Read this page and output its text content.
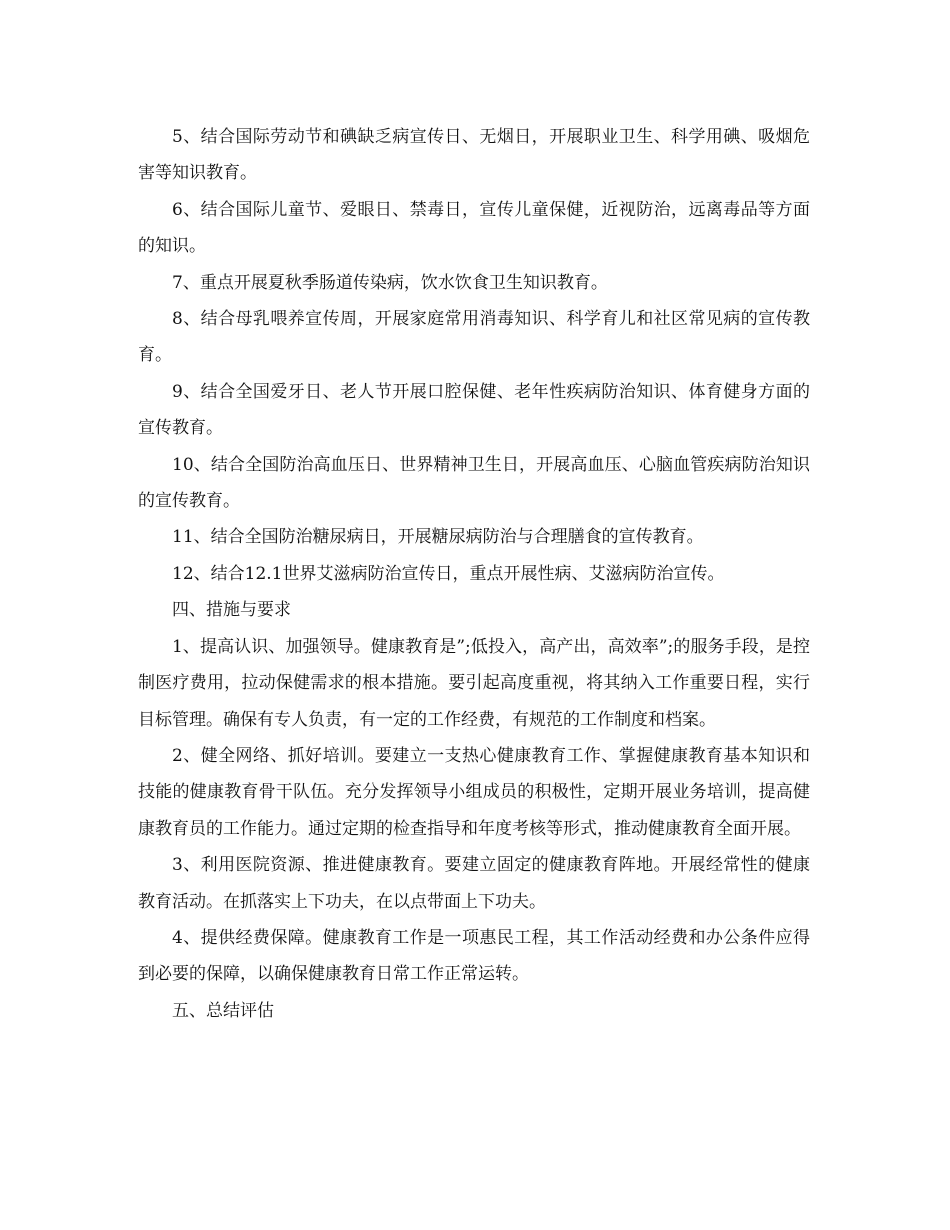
5、结合国际劳动节和碘缺乏病宣传日、无烟日，开展职业卫生、科学用碘、吸烟危害等知识教育。

6、结合国际儿童节、爱眼日、禁毒日，宣传儿童保健，近视防治，远离毒品等方面的知识。

7、重点开展夏秋季肠道传染病，饮水饮食卫生知识教育。

8、结合母乳喂养宣传周，开展家庭常用消毒知识、科学育儿和社区常见病的宣传教育。

9、结合全国爱牙日、老人节开展口腔保健、老年性疾病防治知识、体育健身方面的宣传教育。

10、结合全国防治高血压日、世界精神卫生日，开展高血压、心脑血管疾病防治知识的宣传教育。

11、结合全国防治糖尿病日，开展糖尿病防治与合理膳食的宣传教育。

12、结合12.1世界艾滋病防治宣传日，重点开展性病、艾滋病防治宣传。

四、措施与要求

1、提高认识、加强领导。健康教育是”;低投入，高产出，高效率”;的服务手段，是控制医疗费用，拉动保健需求的根本措施。要引起高度重视，将其纳入工作重要日程，实行目标管理。确保有专人负责，有一定的工作经费，有规范的工作制度和档案。

2、健全网络、抓好培训。要建立一支热心健康教育工作、掌握健康教育基本知识和技能的健康教育骨干队伍。充分发挥领导小组成员的积极性，定期开展业务培训，提高健康教育员的工作能力。通过定期的检查指导和年度考核等形式，推动健康教育全面开展。

3、利用医院资源、推进健康教育。要建立固定的健康教育阵地。开展经常性的健康教育活动。在抓落实上下功夫，在以点带面上下功夫。

4、提供经费保障。健康教育工作是一项惠民工程，其工作活动经费和办公条件应得到必要的保障，以确保健康教育日常工作正常运转。

五、总结评估
